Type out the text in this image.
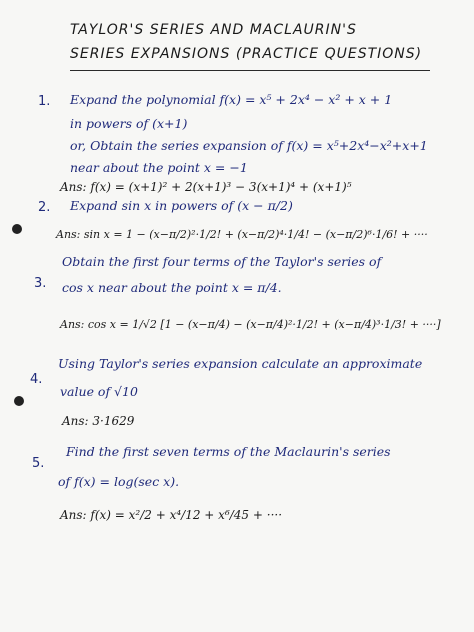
TAYLOR'S SERIES AND MACLAURIN'S
SERIES EXPANSIONS (PRACTICE QUESTIONS)
1. Expand the polynomial f(x) = x⁵ + 2x⁴ − x² + x + 1
in powers of (x+1)
or, Obtain the series expansion of f(x) = x⁵+2x⁴−x²+x+1
near about the point x = −1
Ans: f(x) = (x+1)² + 2(x+1)³ − 3(x+1)⁴ + (x+1)⁵
2. Expand sin x in powers of (x − π/2)
Ans: sin x = 1 − (x−π/2)²·1/2! + (x−π/2)⁴·1/4! − (x−π/2)⁶·1/6! + ····
3.
Obtain the first four terms of the Taylor's series of
cos x near about the point x = π/4.
Ans: cos x = 1/√2 [1 − (x−π/4) − (x−π/4)²·1/2! + (x−π/4)³·1/3! + ····]
4.
Using Taylor's series expansion calculate an approximate
value of √10
Ans: 3·1629
5.
Find the first seven terms of the Maclaurin's series
of f(x) = log(sec x).
Ans: f(x) = x²/2 + x⁴/12 + x⁶/45 + ····
